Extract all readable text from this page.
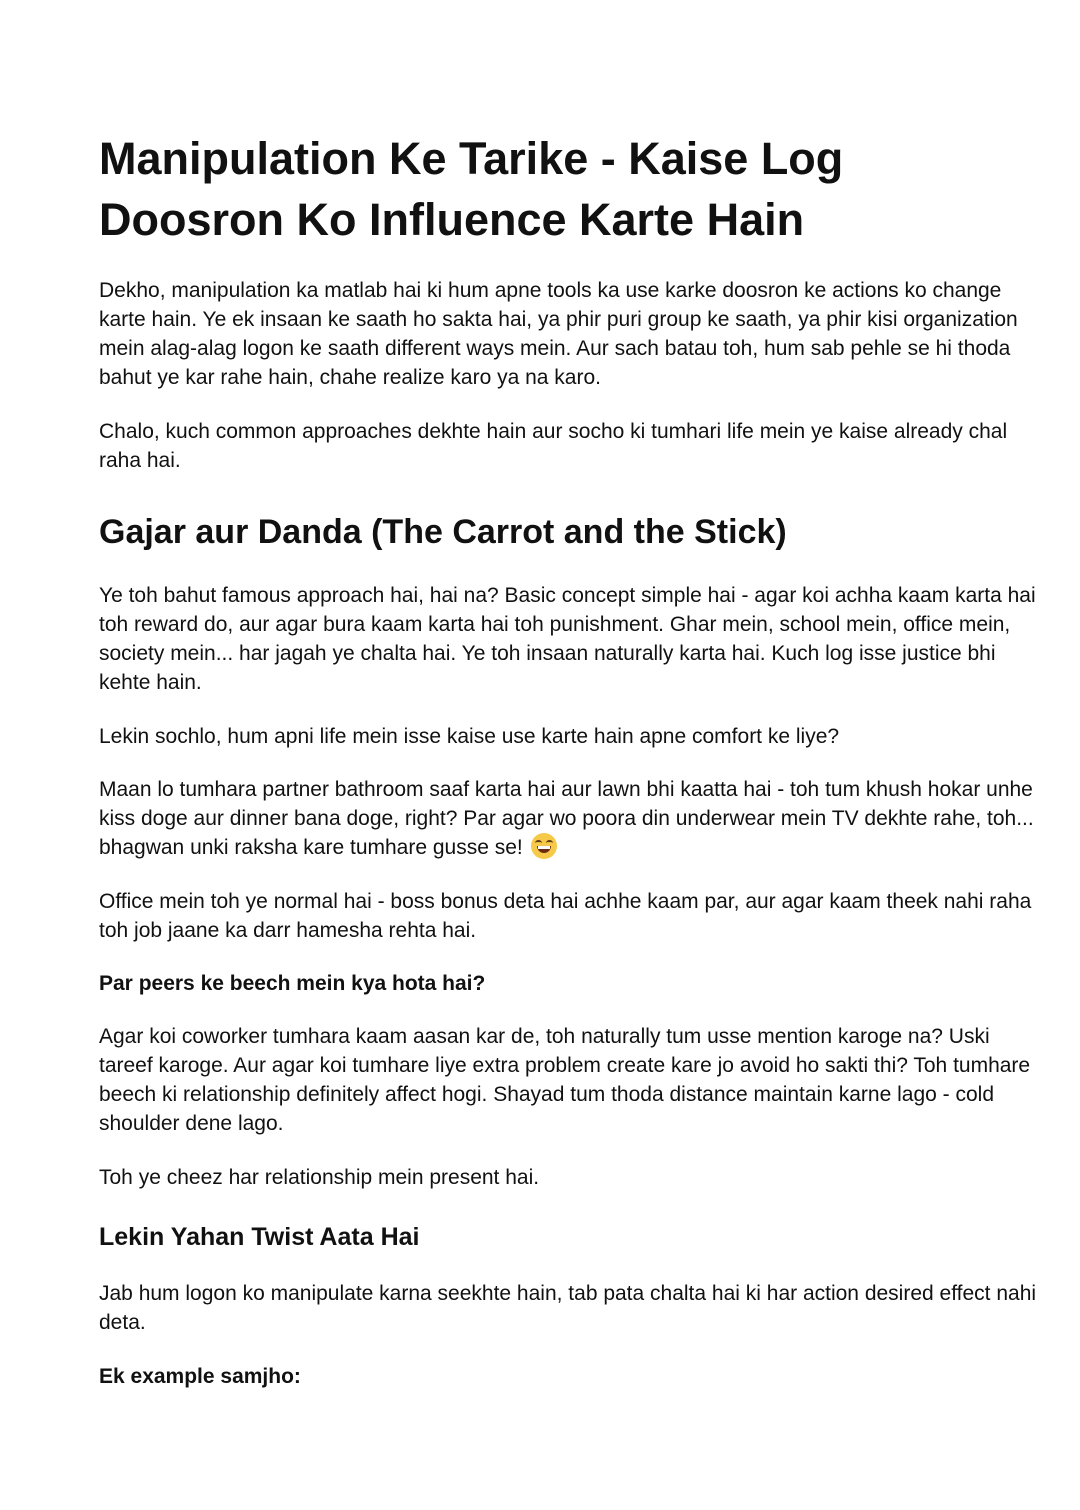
Manipulation Ke Tarike - Kaise Log Doosron Ko Influence Karte Hain

Dekho, manipulation ka matlab hai ki hum apne tools ka use karke doosron ke actions ko change karte hain. Ye ek insaan ke saath ho sakta hai, ya phir puri group ke saath, ya phir kisi organization mein alag-alag logon ke saath different ways mein. Aur sach batau toh, hum sab pehle se hi thoda bahut ye kar rahe hain, chahe realize karo ya na karo.

Chalo, kuch common approaches dekhte hain aur socho ki tumhari life mein ye kaise already chal raha hai.

Gajar aur Danda (The Carrot and the Stick)

Ye toh bahut famous approach hai, hai na? Basic concept simple hai - agar koi achha kaam karta hai toh reward do, aur agar bura kaam karta hai toh punishment. Ghar mein, school mein, office mein, society mein... har jagah ye chalta hai. Ye toh insaan naturally karta hai. Kuch log isse justice bhi kehte hain.

Lekin sochlo, hum apni life mein isse kaise use karte hain apne comfort ke liye?

Maan lo tumhara partner bathroom saaf karta hai aur lawn bhi kaatta hai - toh tum khush hokar unhe kiss doge aur dinner bana doge, right? Par agar wo poora din underwear mein TV dekhte rahe, toh... bhagwan unki raksha kare tumhare gusse se!

Office mein toh ye normal hai - boss bonus deta hai achhe kaam par, aur agar kaam theek nahi raha toh job jaane ka darr hamesha rehta hai.

Par peers ke beech mein kya hota hai?

Agar koi coworker tumhara kaam aasan kar de, toh naturally tum usse mention karoge na? Uski tareef karoge. Aur agar koi tumhare liye extra problem create kare jo avoid ho sakti thi? Toh tumhare beech ki relationship definitely affect hogi. Shayad tum thoda distance maintain karne lago - cold shoulder dene lago.

Toh ye cheez har relationship mein present hai.

Lekin Yahan Twist Aata Hai

Jab hum logon ko manipulate karna seekhte hain, tab pata chalta hai ki har action desired effect nahi deta.

Ek example samjho:
